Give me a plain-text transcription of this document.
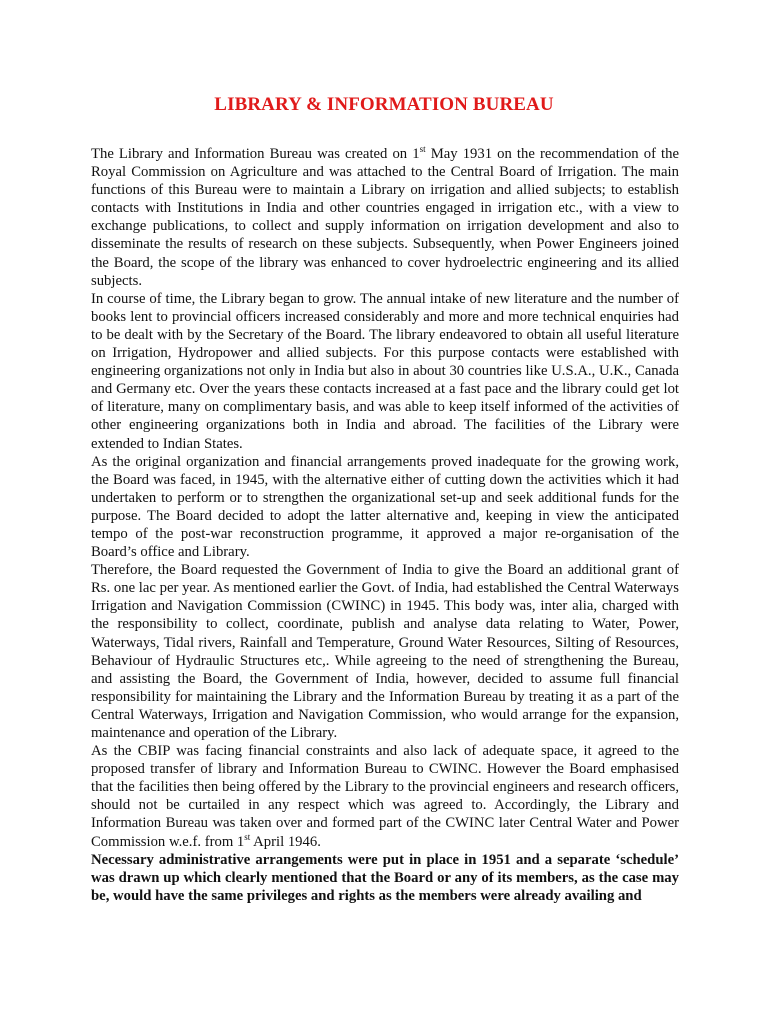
LIBRARY & INFORMATION BUREAU

The Library and Information Bureau was created on 1st May 1931 on the recommendation of the Royal Commission on Agriculture and was attached to the Central Board of Irrigation. The main functions of this Bureau were to maintain a Library on irrigation and allied subjects; to establish contacts with Institutions in India and other countries engaged in irrigation etc., with a view to exchange publications, to collect and supply information on irrigation development and also to disseminate the results of research on these subjects. Subsequently, when Power Engineers joined the Board, the scope of the library was enhanced to cover hydroelectric engineering and its allied subjects.

In course of time, the Library began to grow. The annual intake of new literature and the number of books lent to provincial officers increased considerably and more and more technical enquiries had to be dealt with by the Secretary of the Board. The library endeavored to obtain all useful literature on Irrigation, Hydropower and allied subjects. For this purpose contacts were established with engineering organizations not only in India but also in about 30 countries like U.S.A., U.K., Canada and Germany etc. Over the years these contacts increased at a fast pace and the library could get lot of literature, many on complimentary basis, and was able to keep itself informed of the activities of other engineering organizations both in India and abroad. The facilities of the Library were extended to Indian States.

As the original organization and financial arrangements proved inadequate for the growing work, the Board was faced, in 1945, with the alternative either of cutting down the activities which it had undertaken to perform or to strengthen the organizational set-up and seek additional funds for the purpose. The Board decided to adopt the latter alternative and, keeping in view the anticipated tempo of the post-war reconstruction programme, it approved a major re-organisation of the Board’s office and Library.

Therefore, the Board requested the Government of India to give the Board an additional grant of Rs. one lac per year. As mentioned earlier the Govt. of India, had established the Central Waterways Irrigation and Navigation Commission (CWINC) in 1945. This body was, inter alia, charged with the responsibility to collect, coordinate, publish and analyse data relating to Water, Power, Waterways, Tidal rivers, Rainfall and Temperature, Ground Water Resources, Silting of Resources, Behaviour of Hydraulic Structures etc,. While agreeing to the need of strengthening the Bureau, and assisting the Board, the Government of India, however, decided to assume full financial responsibility for maintaining the Library and the Information Bureau by treating it as a part of the Central Waterways, Irrigation and Navigation Commission, who would arrange for the expansion, maintenance and operation of the Library.

As the CBIP was facing financial constraints and also lack of adequate space, it agreed to the proposed transfer of library and Information Bureau to CWINC. However the Board emphasised that the facilities then being offered by the Library to the provincial engineers and research officers, should not be curtailed in any respect which was agreed to. Accordingly, the Library and Information Bureau was taken over and formed part of the CWINC later Central Water and Power Commission w.e.f. from 1st April 1946.

Necessary administrative arrangements were put in place in 1951 and a separate ‘schedule’ was drawn up which clearly mentioned that the Board or any of its members, as the case may be, would have the same privileges and rights as the members were already availing and
